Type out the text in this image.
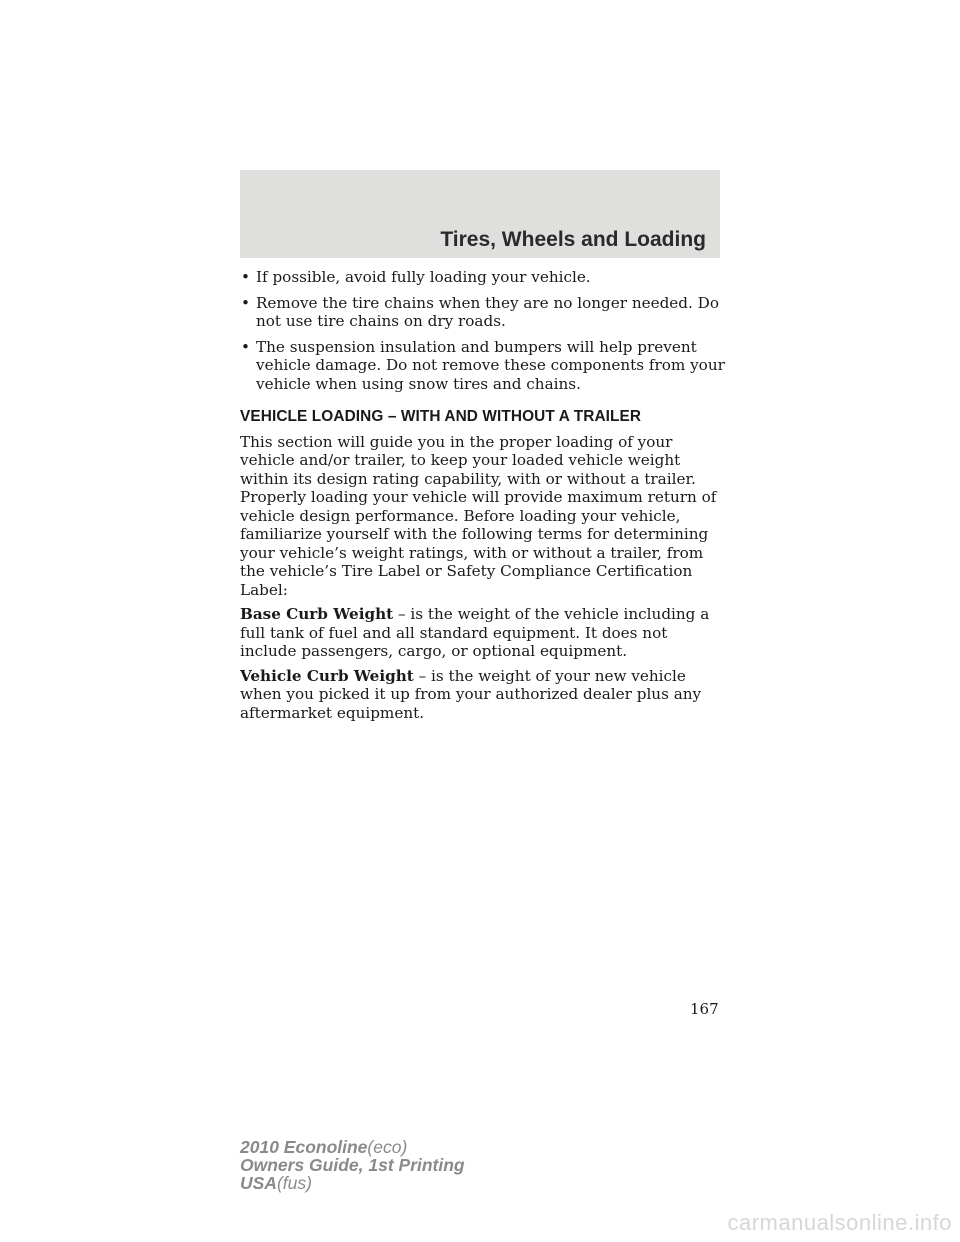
Tires, Wheels and Loading
• If possible, avoid fully loading your vehicle.
• Remove the tire chains when they are no longer needed. Do not use tire chains on dry roads.
• The suspension insulation and bumpers will help prevent vehicle damage. Do not remove these components from your vehicle when using snow tires and chains.
VEHICLE LOADING – WITH AND WITHOUT A TRAILER

This section will guide you in the proper loading of your vehicle and/or trailer, to keep your loaded vehicle weight within its design rating capability, with or without a trailer. Properly loading your vehicle will provide maximum return of vehicle design performance. Before loading your vehicle, familiarize yourself with the following terms for determining your vehicle’s weight ratings, with or without a trailer, from the vehicle’s Tire Label or Safety Compliance Certification Label:

Base Curb Weight – is the weight of the vehicle including a full tank of fuel and all standard equipment. It does not include passengers, cargo, or optional equipment.

Vehicle Curb Weight – is the weight of your new vehicle when you picked it up from your authorized dealer plus any aftermarket equipment.

167
2010 Econoline(eco)
Owners Guide, 1st Printing
USA(fus)
carmanualsonline.info
